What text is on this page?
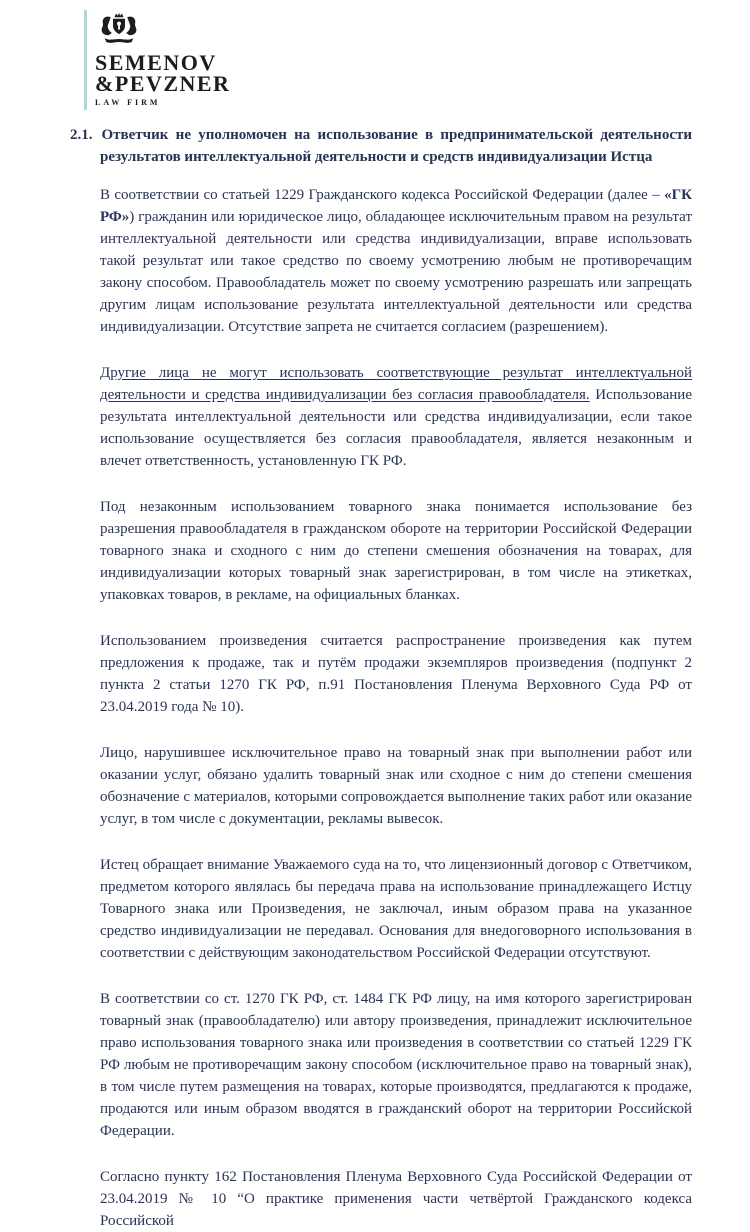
SEMENOV
&PEVZNER
LAW FIRM
2.1. Ответчик не уполномочен на использование в предпринимательской деятельности результатов интеллектуальной деятельности и средств индивидуализации Истца

В соответствии со статьей 1229 Гражданского кодекса Российской Федерации (далее – «ГК РФ») гражданин или юридическое лицо, обладающее исключительным правом на результат интеллектуальной деятельности или средства индивидуализации, вправе использовать такой результат или такое средство по своему усмотрению любым не противоречащим закону способом. Правообладатель может по своему усмотрению разрешать или запрещать другим лицам использование результата интеллектуальной деятельности или средства индивидуализации. Отсутствие запрета не считается согласием (разрешением).

Другие лица не могут использовать соответствующие результат интеллектуальной деятельности и средства индивидуализации без согласия правообладателя. Использование результата интеллектуальной деятельности или средства индивидуализации, если такое использование осуществляется без согласия правообладателя, является незаконным и влечет ответственность, установленную ГК РФ.

Под незаконным использованием товарного знака понимается использование без разрешения правообладателя в гражданском обороте на территории Российской Федерации товарного знака и сходного с ним до степени смешения обозначения на товарах, для индивидуализации которых товарный знак зарегистрирован, в том числе на этикетках, упаковках товаров, в рекламе, на официальных бланках.

Использованием произведения считается распространение произведения как путем предложения к продаже, так и путём продажи экземпляров произведения (подпункт 2 пункта 2 статьи 1270 ГК РФ, п.91 Постановления Пленума Верховного Суда РФ от 23.04.2019 года № 10).

Лицо, нарушившее исключительное право на товарный знак при выполнении работ или оказании услуг, обязано удалить товарный знак или сходное с ним до степени смешения обозначение с материалов, которыми сопровождается выполнение таких работ или оказание услуг, в том числе с документации, рекламы вывесок.

Истец обращает внимание Уважаемого суда на то, что лицензионный договор с Ответчиком, предметом которого являлась бы передача права на использование принадлежащего Истцу Товарного знака или Произведения, не заключал, иным образом права на указанное средство индивидуализации не передавал. Основания для внедоговорного использования в соответствии с действующим законодательством Российской Федерации отсутствуют.

В соответствии со ст. 1270 ГК РФ, ст. 1484 ГК РФ лицу, на имя которого зарегистрирован товарный знак (правообладателю) или автору произведения, принадлежит исключительное право использования товарного знака или произведения в соответствии со статьей 1229 ГК РФ любым не противоречащим закону способом (исключительное право на товарный знак), в том числе путем размещения на товарах, которые производятся, предлагаются к продаже, продаются или иным образом вводятся в гражданский оборот на территории Российской Федерации.

Согласно пункту 162 Постановления Пленума Верховного Суда Российской Федерации от 23.04.2019 № 10 “О практике применения части четвёртой Гражданского кодекса Российской
